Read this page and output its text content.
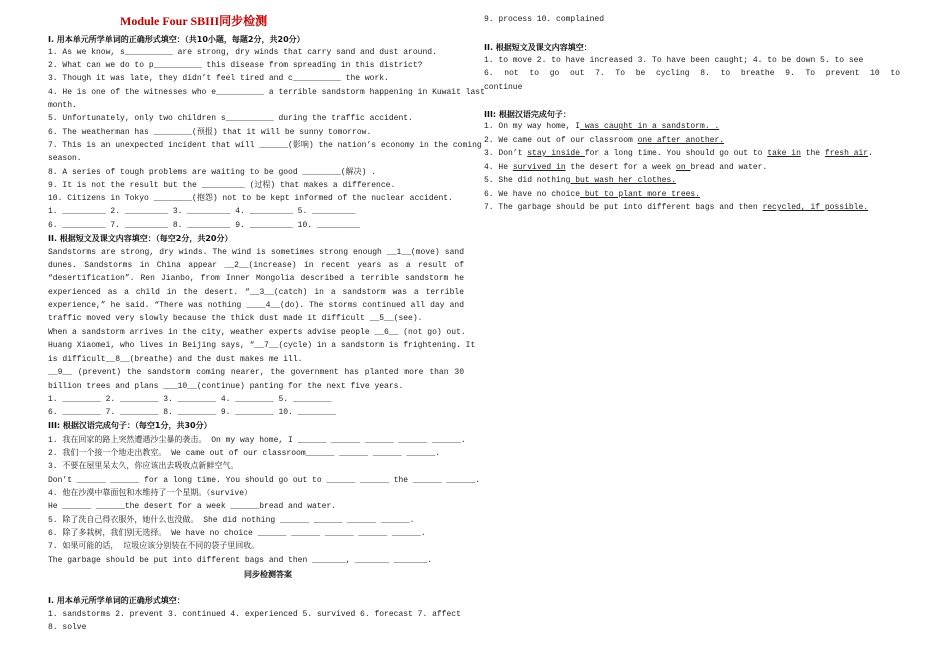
Module Four SBIII同步检测
I. 用本单元所学单词的正确形式填空：（共10小题，每题2分，共20分）
1. As we know, s__________ are strong, dry winds that carry sand and dust around.
2. What can we do to p__________ this disease from spreading in this district?
3. Though it was late, they didn’t feel tired and c__________ the work.
4. He is one of the witnesses who e__________ a terrible sandstorm happening in Kuwait last
month.
5. Unfortunately, only two children s__________ during the traffic accident.
6. The weatherman has ________(预报) that it will be sunny tomorrow.
7. This is an unexpected incident that will ______(影响) the nation’s economy in the coming
season.
8. A series of tough problems are waiting to be good ________(解决) .
9. It is not the result but the _________ (过程) that makes a difference.
10. Citizens in Tokyo ________(抱怨) not to be kept informed of the nuclear accident.
1. _________ 2. _________ 3. _________ 4. _________ 5. _________
6. _________ 7. _________ 8. _________ 9. _________ 10. _________
II. 根据短文及课文内容填空：（每空2分，共20分）
Sandstorms are strong, dry winds. The wind is sometimes strong enough __1__(move) sand
dunes. Sandstorms in China appear __2__(increase) in recent years as a result of
“desertification”. Ren Jianbo, from Inner Mongolia described a terrible sandstorm he
experienced as a child in the desert. “__3__(catch) in a sandstorm was a terrible
experience,” he said. “There was nothing ____4__(do). The storms continued all day and
traffic moved very slowly because the thick dust made it difficult __5__(see).
When a sandstorm arrives in the city, weather experts advise people __6__ (not go) out.
Huang Xiaomei, who lives in Beijing says, “__7__(cycle) in a sandstorm is frightening. It
is difficult__8__(breathe) and the dust makes me ill.
__9__ (prevent) the sandstorm coming nearer, the government has planted more than 30
billion trees and plans ___10__(continue) panting for the next five years.
1. ________ 2. ________ 3. ________ 4. ________ 5. ________
6. ________ 7. ________ 8. ________ 9. ________ 10. ________
III: 根据汉语完成句子：（每空1分，共30分）
1. 我在回家的路上突然遭遇沙尘暴的袭击。 On my way home, I ______ ______ ______ ______ ______.
2. 我们一个接一个地走出教室。 We came out of our classroom______ ______ ______ ______.
3. 不要在屋里呆太久，你应该出去吸收点新鲜空气。
Don’t ______ ______ for a long time. You should go out to ______ ______ the ______ ______.
4. 他在沙漠中靠面包和水维持了一个星期。（survive）
He ______ ______the desert for a week ______bread and water.
5. 除了洗自己得衣服外，她什么也没做。 She did nothing ______ ______ ______ ______.
6. 除了多栽树，我们别无选择。 We have no choice ______ ______ ______ ______ ______.
7. 如果可能的话， 垃圾应该分别装在不同的袋子里回收。
The garbage should be put into different bags and then _______, _______ _______.
同步检测答案
I. 用本单元所学单词的正确形式填空：
1. sandstorms 2. prevent 3. continued 4. experienced 5. survived 6. forecast 7. affect
8. solve
9. process 10. complained
II. 根据短文及课文内容填空：
1. to move 2. to have increased 3. To have been caught; 4. to be down 5. to see
6. not to go out 7. To be cycling 8. to breathe 9. To prevent 10 to
continue
III: 根据汉语完成句子：
1. On my way home, I was caught in a sandstorm. .
2. We came out of our classroom one after another.
3. Don’t stay inside for a long time. You should go out to take in the fresh air.
4. He survived in the desert for a week on bread and water.
5. She did nothing but wash her clothes.
6. We have no choice but to plant more trees.
7. The garbage should be put into different bags and then recycled, if possible.
